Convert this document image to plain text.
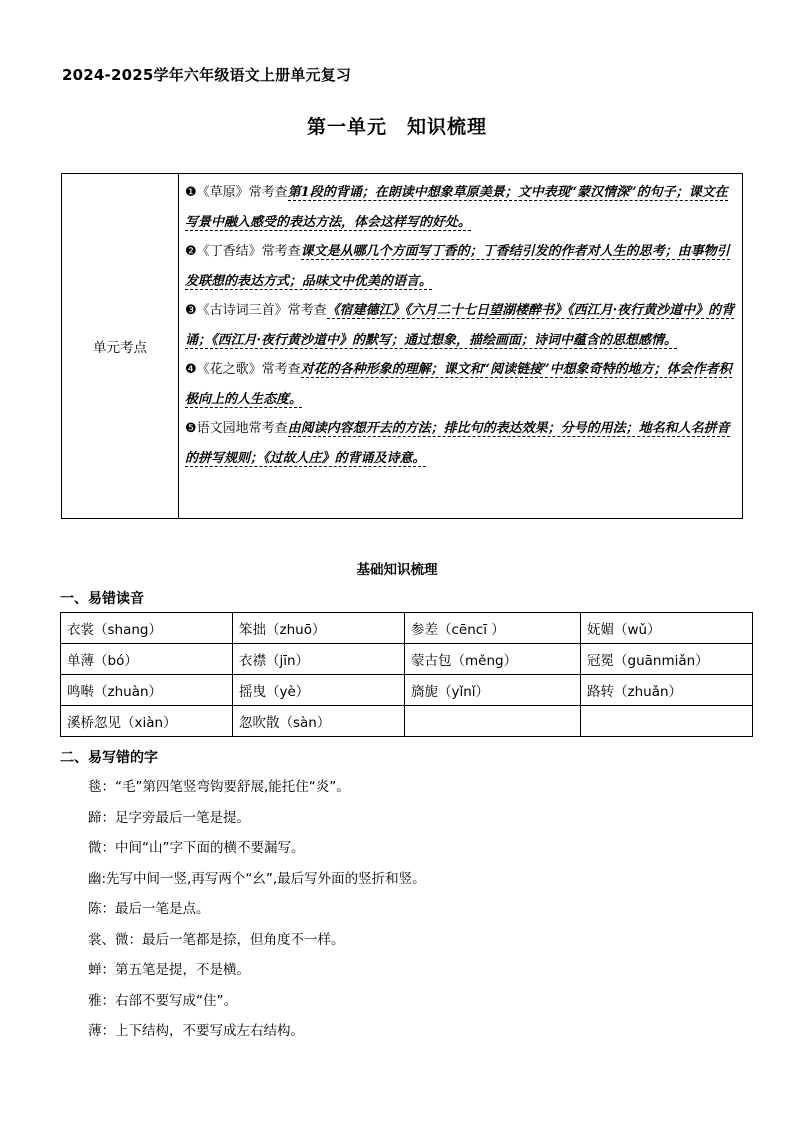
2024-2025学年六年级语文上册单元复习
第一单元　知识梳理
单元考点
❶《草原》常考查第1段的背诵；在朗读中想象草原美景；文中表现“蒙汉情深”的句子；课文在写景中融入感受的表达方法，体会这样写的好处。
❷《丁香结》常考查课文是从哪几个方面写丁香的；丁香结引发的作者对人生的思考；由事物引发联想的表达方式；品味文中优美的语言。
❸《古诗词三首》常考查《宿建德江》《六月二十七日望湖楼醉书》《西江月·夜行黄沙道中》的背诵；《西江月·夜行黄沙道中》的默写；通过想象，描绘画面；诗词中蕴含的思想感情。
❹《花之歌》常考查对花的各种形象的理解；课文和“阅读链接”中想象奇特的地方；体会作者积极向上的人生态度。
❺语文园地常考查由阅读内容想开去的方法；排比句的表达效果；分号的用法；地名和人名拼音的拼写规则；《过故人庄》的背诵及诗意。
基础知识梳理
一、易错读音
衣裳（shang）	笨拙（zhuō）	参差（cēncī ）	妩媚（wǔ）
单薄（bó）	衣襟（jīn）	蒙古包（měng）	冠冕（guānmiǎn）
鸣啭（zhuàn）	摇曳（yè）	旖旎（yǐnǐ）	路转（zhuǎn）
溪桥忽见（xiàn）	忽吹散（sàn）		
二、易写错的字
毯：“毛”第四笔竖弯钩要舒展,能托住“炎”。
蹄：足字旁最后一笔是提。
微：中间“山”字下面的横不要漏写。
幽:先写中间一竖,再写两个“幺”,最后写外面的竖折和竖。
陈：最后一笔是点。
裳、微：最后一笔都是捺，但角度不一样。
蝉：第五笔是提，不是横。
雅：右部不要写成“住”。
薄：上下结构，不要写成左右结构。
